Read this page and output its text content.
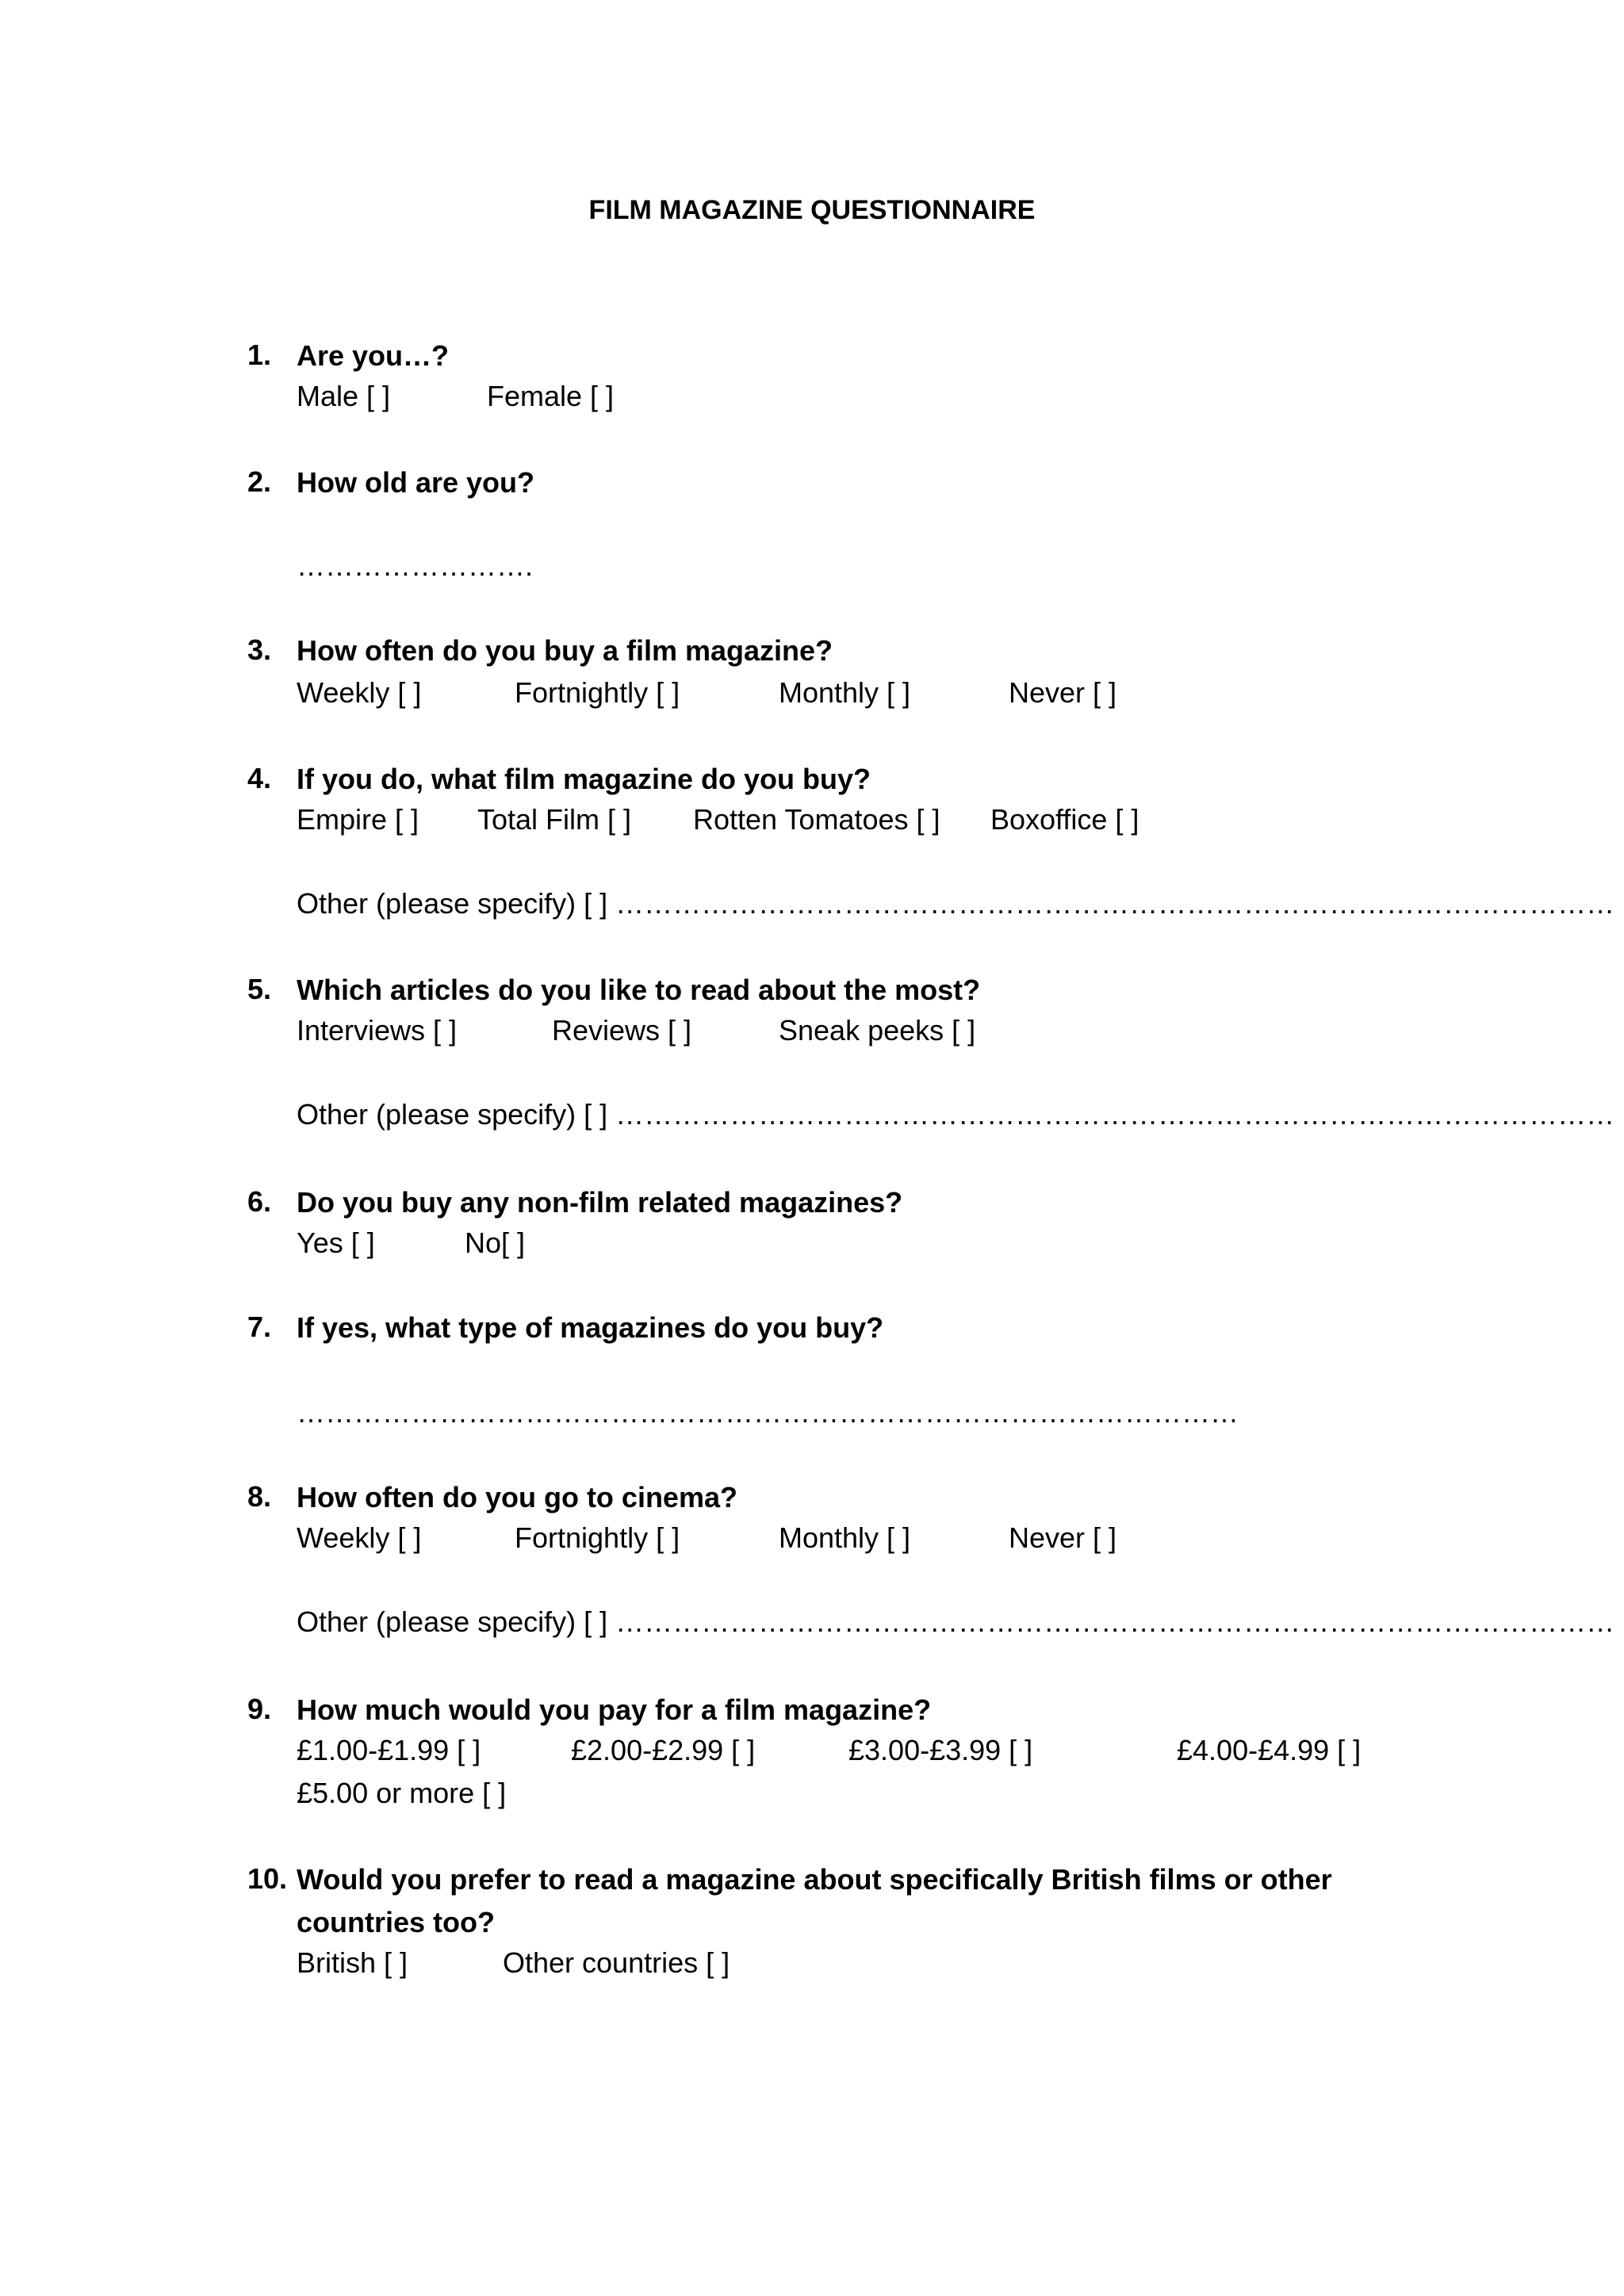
FILM MAGAZINE QUESTIONNAIRE
1. Are you…?
Male [ ]	Female [ ]
2. How old are you?
…………………….
3. How often do you buy a film magazine?
Weekly [ ]	Fortnightly [ ]	Monthly [ ]	Never [ ]
4. If you do, what film magazine do you buy?
Empire [ ] Total Film [ ] Rotten Tomatoes [ ] Boxoffice [ ]
Other (please specify) [ ] ……………………………………………………………………………………………
5. Which articles do you like to read about the most?
Interviews [ ]	Reviews [ ]	Sneak peeks [ ]
Other (please specify) [ ] ……………………………………………………………………………………………
6. Do you buy any non-film related magazines?
Yes [ ]	No[ ]
7. If yes, what type of magazines do you buy?
………………………………………………………………………………………
8. How often do you go to cinema?
Weekly [ ]	Fortnightly [ ]	Monthly [ ]	Never [ ]
Other (please specify) [ ] ……………………………………………………………………………………………
9. How much would you pay for a film magazine?
£1.00-£1.99 [ ]	£2.00-£2.99 [ ]	£3.00-£3.99 [ ]	£4.00-£4.99 [ ]
£5.00 or more [ ]
10. Would you prefer to read a magazine about specifically British films or other countries too?
British [ ]	Other countries [ ]
